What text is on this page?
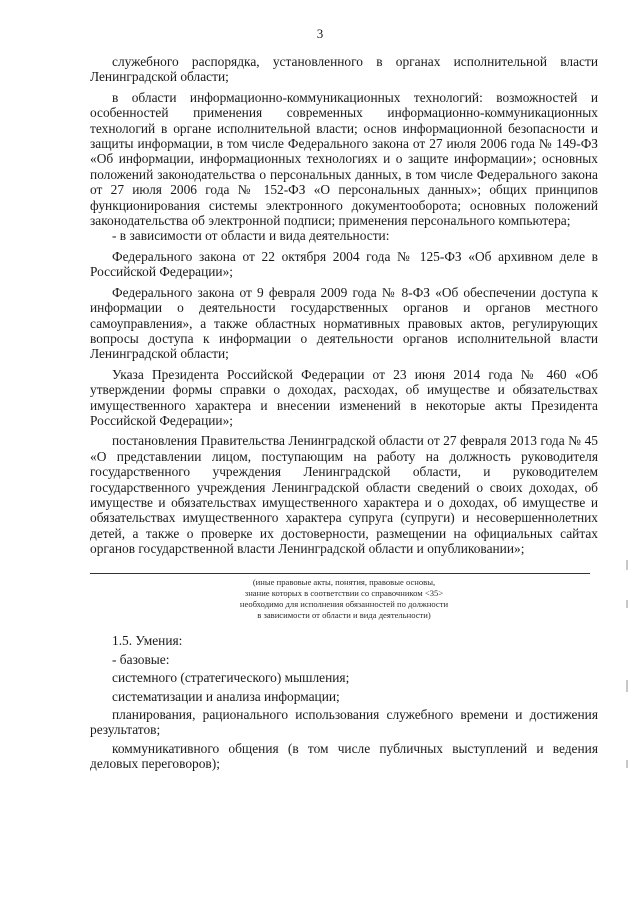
3

служебного распорядка, установленного в органах исполнительной власти Ленинградской области;

в области информационно-коммуникационных технологий: возможностей и особенностей применения современных информационно-коммуникационных технологий в органе исполнительной власти; основ информационной безопасности и защиты информации, в том числе Федерального закона от 27 июля 2006 года № 149-ФЗ «Об информации, информационных технологиях и о защите информации»; основных положений законодательства о персональных данных, в том числе Федерального закона от 27 июля 2006 года № 152-ФЗ «О персональных данных»; общих принципов функционирования системы электронного документооборота; основных положений законодательства об электронной подписи; применения персонального компьютера;

- в зависимости от области и вида деятельности:

Федерального закона от 22 октября 2004 года № 125-ФЗ «Об архивном деле в Российской Федерации»;

Федерального закона от 9 февраля 2009 года № 8-ФЗ «Об обеспечении доступа к информации о деятельности государственных органов и органов местного самоуправления», а также областных нормативных правовых актов, регулирующих вопросы доступа к информации о деятельности органов исполнительной власти Ленинградской области;

Указа Президента Российской Федерации от 23 июня 2014 года № 460 «Об утверждении формы справки о доходах, расходах, об имуществе и обязательствах имущественного характера и внесении изменений в некоторые акты Президента Российской Федерации»;

постановления Правительства Ленинградской области от 27 февраля 2013 года № 45 «О представлении лицом, поступающим на работу на должность руководителя государственного учреждения Ленинградской области, и руководителем государственного учреждения Ленинградской области сведений о своих доходах, об имуществе и обязательствах имущественного характера и о доходах, об имуществе и обязательствах имущественного характера супруга (супруги) и несовершеннолетних детей, а также о проверке их достоверности, размещении на официальных сайтах органов государственной власти Ленинградской области и опубликовании»;

(иные правовые акты, понятия, правовые основы,
знание которых в соответствии со справочником <35>
необходимо для исполнения обязанностей по должности
в зависимости от области и вида деятельности)

1.5. Умения:

- базовые:

системного (стратегического) мышления;

систематизации и анализа информации;

планирования, рационального использования служебного времени и достижения результатов;

коммуникативного общения (в том числе публичных выступлений и ведения деловых переговоров);
